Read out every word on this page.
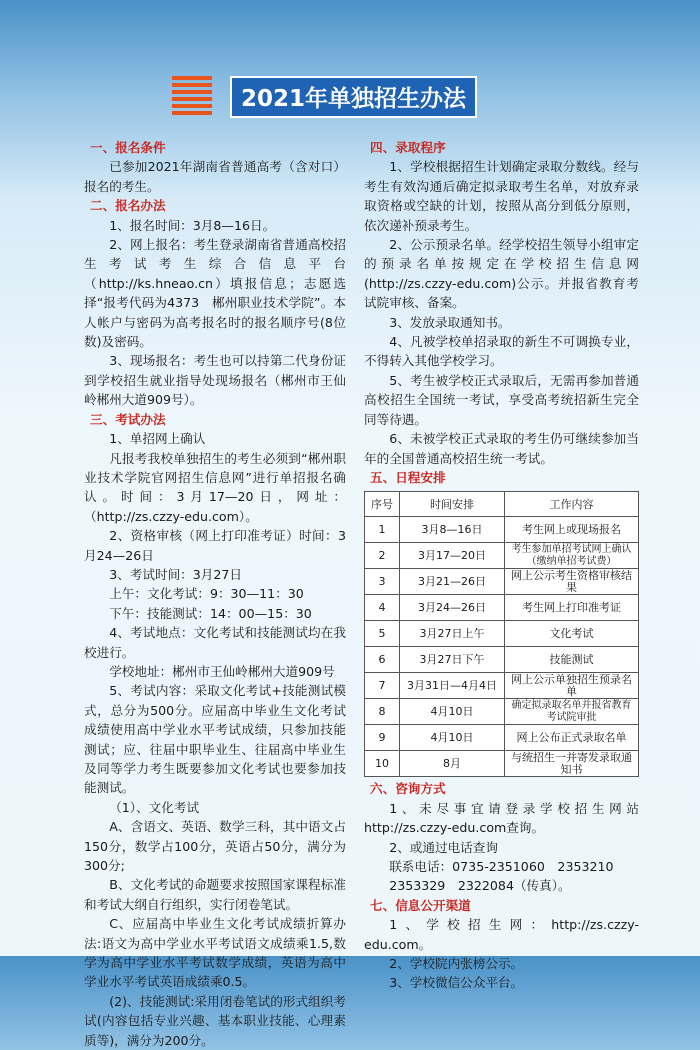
2021年单独招生办法
一、报名条件
已参加2021年湖南省普通高考（含对口）报名的考生。
二、报名办法
1、报名时间：3月8—16日。
2、网上报名：考生登录湖南省普通高校招生考试考生综合信息平台（http://ks.hneao.cn）填报信息；志愿选择“报考代码为4373　郴州职业技术学院”。本人帐户与密码为高考报名时的报名顺序号(8位数)及密码。
3、现场报名：考生也可以持第二代身份证到学校招生就业指导处现场报名（郴州市王仙岭郴州大道909号）。
三、考试办法
1、单招网上确认
凡报考我校单独招生的考生必须到“郴州职业技术学院官网招生信息网”进行单招报名确认。时间：3月17—20日，网址：（http://zs.czzy-edu.com）。
2、资格审核（网上打印准考证）时间：3月24—26日
3、考试时间：3月27日
上午：文化考试：9：30—11：30
下午：技能测试：14：00—15：30
4、考试地点：文化考试和技能测试均在我校进行。
学校地址：郴州市王仙岭郴州大道909号
5、考试内容：采取文化考试+技能测试模式，总分为500分。应届高中毕业生文化考试成绩使用高中学业水平考试成绩，只参加技能测试；应、往届中职毕业生、往届高中毕业生及同等学力考生既要参加文化考试也要参加技能测试。
（1）、文化考试
A、含语文、英语、数学三科，其中语文占150分，数学占100分，英语占50分，满分为300分;
B、文化考试的命题要求按照国家课程标准和考试大纲自行组织，实行闭卷笔试。
C、应届高中毕业生文化考试成绩折算办法:语文为高中学业水平考试语文成绩乘1.5,数学为高中学业水平考试数学成绩，英语为高中学业水平考试英语成绩乘0.5。
(2)、技能测试:采用闭卷笔试的形式组织考试(内容包括专业兴趣、基本职业技能、心理素质等)，满分为200分。
四、录取程序
1、学校根据招生计划确定录取分数线。经与考生有效沟通后确定拟录取考生名单，对放弃录取资格或空缺的计划，按照从高分到低分原则，依次递补预录考生。
2、公示预录名单。经学校招生领导小组审定的预录名单按规定在学校招生信息网(http://zs.czzy-edu.com)公示。并报省教育考试院审核、备案。
3、发放录取通知书。
4、凡被学校单招录取的新生不可调换专业，不得转入其他学校学习。
5、考生被学校正式录取后，无需再参加普通高校招生全国统一考试，享受高考统招新生完全同等待遇。
6、未被学校正式录取的考生仍可继续参加当年的全国普通高校招生统一考试。
五、日程安排
序号	时间安排	工作内容
1	3月8—16日	考生网上或现场报名
2	3月17—20日	考生参加单招考试网上确认（缴纳单招考试费）
3	3月21—26日	网上公示考生资格审核结果
4	3月24—26日	考生网上打印准考证
5	3月27日上午	文化考试
6	3月27日下午	技能测试
7	3月31日—4月4日	网上公示单独招生预录名单
8	4月10日	确定拟录取名单并报省教育考试院审批
9	4月10日	网上公布正式录取名单
10	8月	与统招生一并寄发录取通知书
六、咨询方式
1、未尽事宜请登录学校招生网站http://zs.czzy-edu.com查询。
2、或通过电话查询
联系电话：0735-2351060　2353210
2353329　2322084（传真）。
七、信息公开渠道
1、学校招生网：http://zs.czzy-edu.com。
2、学校院内张榜公示。
3、学校微信公众平台。
